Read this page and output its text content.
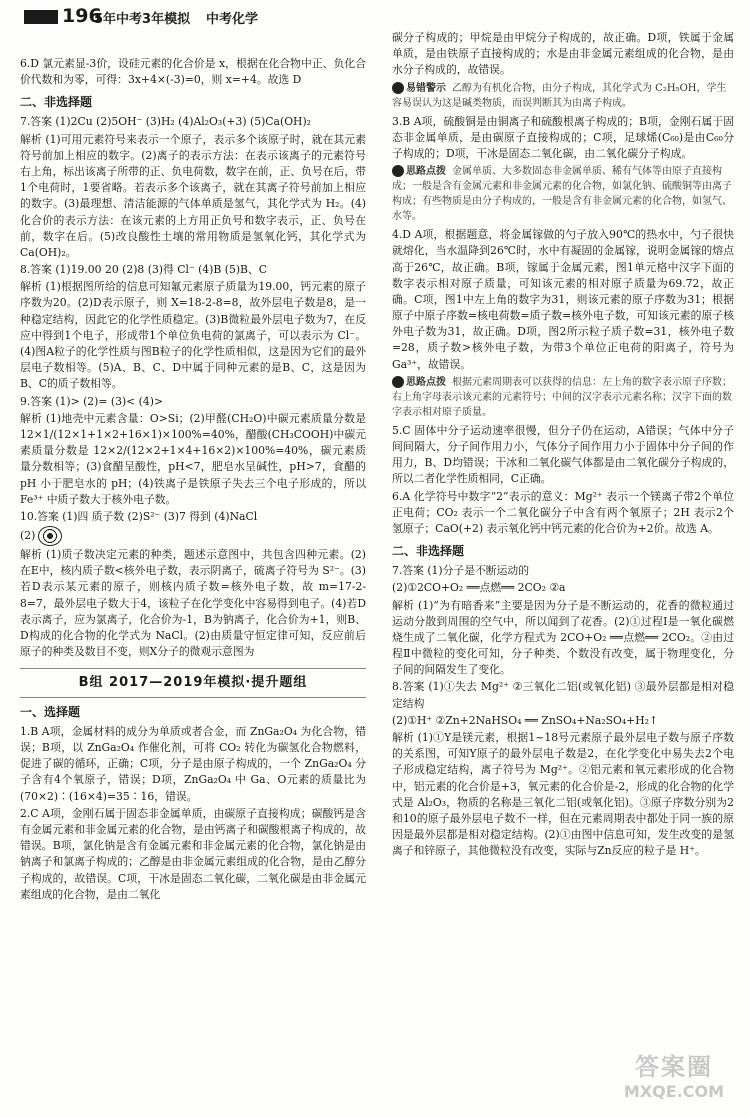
196
5年中考3年模拟 中考化学

6.D 氯元素显-3价，设硅元素的化合价是 x，根据在化合物中正、负化合价代数和为零，可得：3x+4×(-3)=0，则 x=+4。故选 D

二、非选择题

7.答案 (1)2Cu (2)5OH⁻ (3)H₂ (4)Al₂O₃(+3) (5)Ca(OH)₂

解析 (1)可用元素符号来表示一个原子，表示多个该原子时，就在其元素符号前加上相应的数字。(2)离子的表示方法：在表示该离子的元素符号右上角，标出该离子所带的正、负电荷数，数字在前，正、负号在后，带1个电荷时，1要省略。若表示多个该离子，就在其离子符号前加上相应的数字。(3)最理想、清洁能源的气体单质是氢气，其化学式为 H₂。(4)化合价的表示方法：在该元素的上方用正负号和数字表示，正、负号在前，数字在后。(5)改良酸性土壤的常用物质是氢氧化钙，其化学式为 Ca(OH)₂。

8.答案 (1)19.00 20 (2)8 (3)得 Cl⁻ (4)B (5)B、C

解析 (1)根据图所给的信息可知氟元素原子质量为19.00，钙元素的原子序数为20。(2)D表示原子，则 X=18-2-8=8，故外层电子数是8，是一种稳定结构，因此它的化学性质稳定。(3)B微粒最外层电子数为7，在反应中得到1个电子，形成带1个单位负电荷的氯离子，可以表示为 Cl⁻。(4)图A粒子的化学性质与图B粒子的化学性质相似，这是因为它们的最外层电子数相等。(5)A、B、C、D中属于同种元素的是B、C，这是因为B、C的质子数相等。

9.答案 (1)> (2)= (3)< (4)>

解析 (1)地壳中元素含量：O>Si；(2)甲醛(CH₂O)中碳元素质量分数是 12×1/(12×1+1×2+16×1)×100%=40%，醋酸(CH₃COOH)中碳元素质量分数是 12×2/(12×2+1×4+16×2)×100%=40%，碳元素质量分数相等；(3)食醋呈酸性，pH<7，肥皂水呈碱性，pH>7，食醋的 pH 小于肥皂水的 pH；(4)铁离子是铁原子失去三个电子形成的，所以 Fe³⁺ 中质子数大于核外电子数。

10.答案 (1)四 质子数 (2)S²⁻ (3)7 得到 (4)NaCl

(2)

解析 (1)质子数决定元素的种类，题述示意图中，共包含四种元素。(2)在E中，核内质子数<核外电子数，表示阴离子，硫离子符号为 S²⁻。(3)若D表示某元素的原子，则核内质子数=核外电子数，故 m=17-2-8=7，最外层电子数大于4，该粒子在化学变化中容易得到电子。(4)若D表示离子，应为氯离子，化合价为-1，B为钠离子，化合价为+1，则B、D构成的化合物的化学式为 NaCl。(2)由质量守恒定律可知，反应前后原子的种类及数目不变，则X分子的微观示意图为

B组 2017—2019年模拟·提升题组
一、选择题

1.B A项，金属材料的成分为单质或者合金，而 ZnGa₂O₄ 为化合物，错误；B项，以 ZnGa₂O₄ 作催化剂，可将 CO₂ 转化为碳氢化合物燃料，促进了碳的循环，正确；C项，分子是由原子构成的，一个 ZnGa₂O₄ 分子含有4个氧原子，错误；D项，ZnGa₂O₄ 中 Ga、O元素的质量比为(70×2)∶(16×4)=35∶16，错误。

2.C A项，金刚石属于固态非金属单质，由碳原子直接构成；碳酸钙是含有金属元素和非金属元素的化合物，是由钙离子和碳酸根离子构成的，故错误。B项，氯化钠是含有金属元素和非金属元素的化合物，氯化钠是由钠离子和氯离子构成的；乙醇是由非金属元素组成的化合物，是由乙醇分子构成的，故错误。C项，干冰是固态二氧化碳，二氧化碳是由非金属元素组成的化合物，是由二氧化

碳分子构成的；甲烷是由甲烷分子构成的，故正确。D项，铁属于金属单质，是由铁原子直接构成的；水是由非金属元素组成的化合物，是由水分子构成的，故错误。

易错警示 乙醇为有机化合物，由分子构成，其化学式为 C₂H₅OH，学生容易误认为这是碱类物质，而误判断其为由离子构成。

3.B A项，硫酸铜是由铜离子和硫酸根离子构成的；B项，金刚石属于固态非金属单质，是由碳原子直接构成的；C项，足球烯(C₆₀)是由C₆₀分子构成的；D项，干冰是固态二氧化碳，由二氧化碳分子构成。

思路点拨 金属单质、大多数固态非金属单质、稀有气体等由原子直接构成；一般是含有金属元素和非金属元素的化合物，如氯化钠、硫酸铜等由离子构成；有些物质是由分子构成的，一般是含有非金属元素的化合物，如氢气、水等。

4.D A项，根据题意，将金属镓做的勺子放入90℃的热水中，勺子很快就熔化，当水温降到26℃时，水中有凝固的金属镓，说明金属镓的熔点高于26℃，故正确。B项，镓属于金属元素，图1单元格中汉字下面的数字表示相对原子质量，可知该元素的相对原子质量为69.72，故正确。C项，图1中左上角的数字为31，则该元素的原子序数为31；根据原子中原子序数=核电荷数=质子数=核外电子数，可知该元素的原子核外电子数为31，故正确。D项，图2所示粒子质子数=31，核外电子数=28，质子数>核外电子数，为带3个单位正电荷的阳离子，符号为 Ga³⁺，故错误。

思路点拨 根据元素周期表可以获得的信息：左上角的数字表示原子序数；右上角字母表示该元素的元素符号；中间的汉字表示元素名称；汉字下面的数字表示相对原子质量。

5.C 固体中分子运动速率很慢，但分子仍在运动，A错误；气体中分子间间隔大，分子间作用力小，气体分子间作用力小于固体中分子间的作用力，B、D均错误；干冰和二氧化碳气体都是由二氧化碳分子构成的，所以二者化学性质相同，C正确。

6.A 化学符号中数字“2”表示的意义：Mg²⁺ 表示一个镁离子带2个单位正电荷；CO₂ 表示一个二氧化碳分子中含有两个氧原子；2H 表示2个氢原子；CaO(+2) 表示氧化钙中钙元素的化合价为+2价。故选 A。

二、非选择题

7.答案 (1)分子是不断运动的

(2)①2CO+O₂ ══点燃══ 2CO₂ ②a

解析 (1)“为有暗香来”主要是因为分子是不断运动的，花香的微粒通过运动分散到周围的空气中，所以闻到了花香。(2)①过程Ⅰ是一氧化碳燃烧生成了二氧化碳，化学方程式为 2CO+O₂ ══点燃══ 2CO₂。②由过程Ⅱ中微粒的变化可知，分子种类、个数没有改变，属于物理变化，分子间的间隔发生了变化。

8.答案 (1)①失去 Mg²⁺ ②三氧化二铝(或氧化铝) ③最外层都是相对稳定结构

(2)①H⁺ ②Zn+2NaHSO₄ ══ ZnSO₄+Na₂SO₄+H₂↑

解析 (1)①Y是镁元素，根据1~18号元素原子最外层电子数与原子序数的关系图，可知Y原子的最外层电子数是2，在化学变化中易失去2个电子形成稳定结构，离子符号为 Mg²⁺。②铝元素和氧元素形成的化合物中，铝元素的化合价是+3，氧元素的化合价是-2，形成的化合物的化学式是 Al₂O₃，物质的名称是三氧化二铝(或氧化铝)。③原子序数分别为2和10的原子最外层电子数不一样，但在元素周期表中都处于同一族的原因是最外层都是相对稳定结构。(2)①由图中信息可知，发生改变的是氢离子和锌原子，其他微粒没有改变，实际与Zn反应的粒子是 H⁺。

答案圈
MXQE.COM
